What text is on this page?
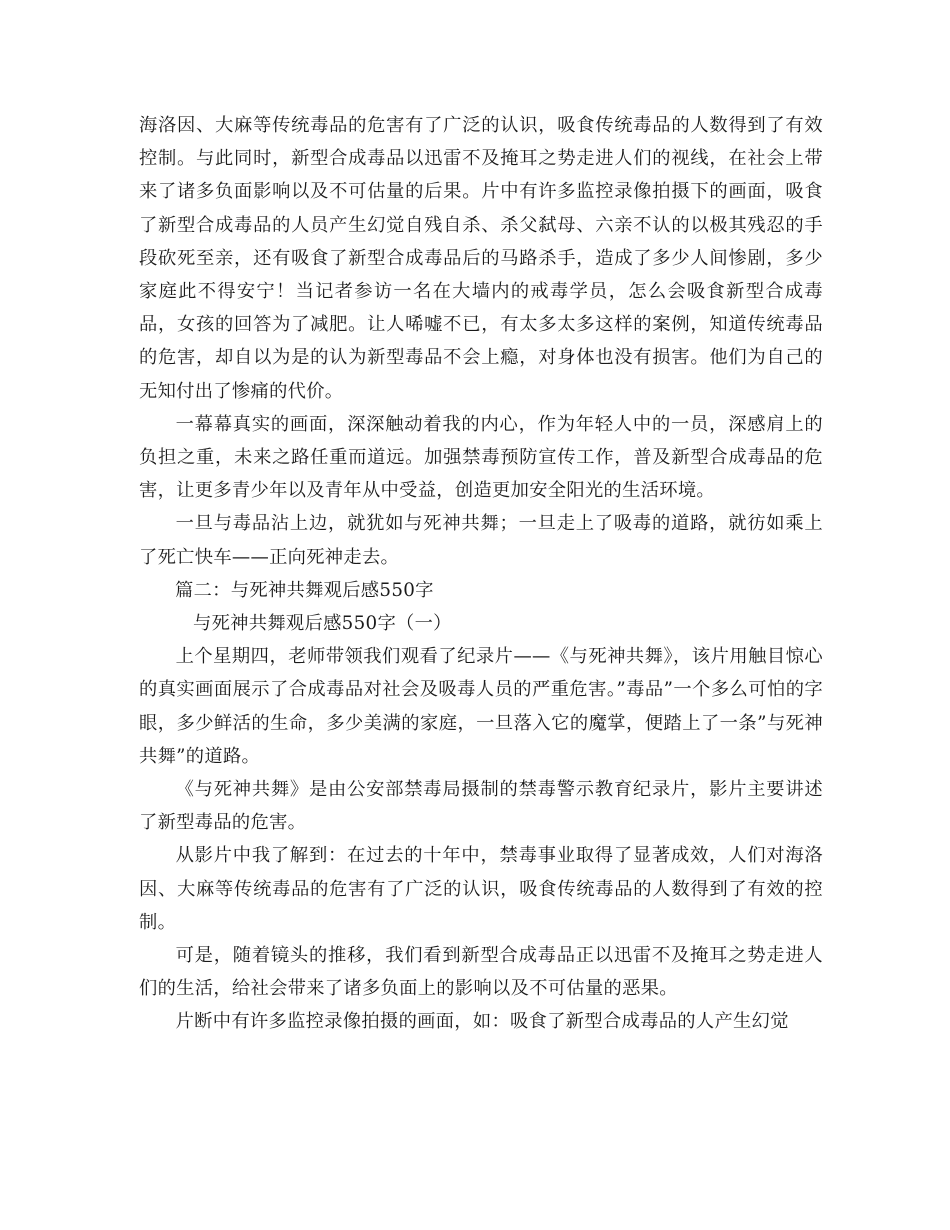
海洛因、大麻等传统毒品的危害有了广泛的认识，吸食传统毒品的人数得到了有效控制。与此同时，新型合成毒品以迅雷不及掩耳之势走进人们的视线，在社会上带来了诸多负面影响以及不可估量的后果。片中有许多监控录像拍摄下的画面，吸食了新型合成毒品的人员产生幻觉自残自杀、杀父弑母、六亲不认的以极其残忍的手段砍死至亲，还有吸食了新型合成毒品后的马路杀手，造成了多少人间惨剧，多少家庭此不得安宁！当记者参访一名在大墙内的戒毒学员，怎么会吸食新型合成毒品，女孩的回答为了减肥。让人唏嘘不已，有太多太多这样的案例，知道传统毒品的危害，却自以为是的认为新型毒品不会上瘾，对身体也没有损害。他们为自己的无知付出了惨痛的代价。

一幕幕真实的画面，深深触动着我的内心，作为年轻人中的一员，深感肩上的负担之重，未来之路任重而道远。加强禁毒预防宣传工作，普及新型合成毒品的危害，让更多青少年以及青年从中受益，创造更加安全阳光的生活环境。

一旦与毒品沾上边，就犹如与死神共舞；一旦走上了吸毒的道路，就彷如乘上了死亡快车——正向死神走去。

篇二：与死神共舞观后感550字

与死神共舞观后感550字（一）

上个星期四，老师带领我们观看了纪录片——《与死神共舞》，该片用触目惊心的真实画面展示了合成毒品对社会及吸毒人员的严重危害。”毒品”一个多么可怕的字眼，多少鲜活的生命，多少美满的家庭，一旦落入它的魔掌，便踏上了一条”与死神共舞”的道路。

《与死神共舞》是由公安部禁毒局摄制的禁毒警示教育纪录片，影片主要讲述了新型毒品的危害。

从影片中我了解到：在过去的十年中，禁毒事业取得了显著成效，人们对海洛因、大麻等传统毒品的危害有了广泛的认识，吸食传统毒品的人数得到了有效的控制。

可是，随着镜头的推移，我们看到新型合成毒品正以迅雷不及掩耳之势走进人们的生活，给社会带来了诸多负面上的影响以及不可估量的恶果。

片断中有许多监控录像拍摄的画面，如：吸食了新型合成毒品的人产生幻觉
